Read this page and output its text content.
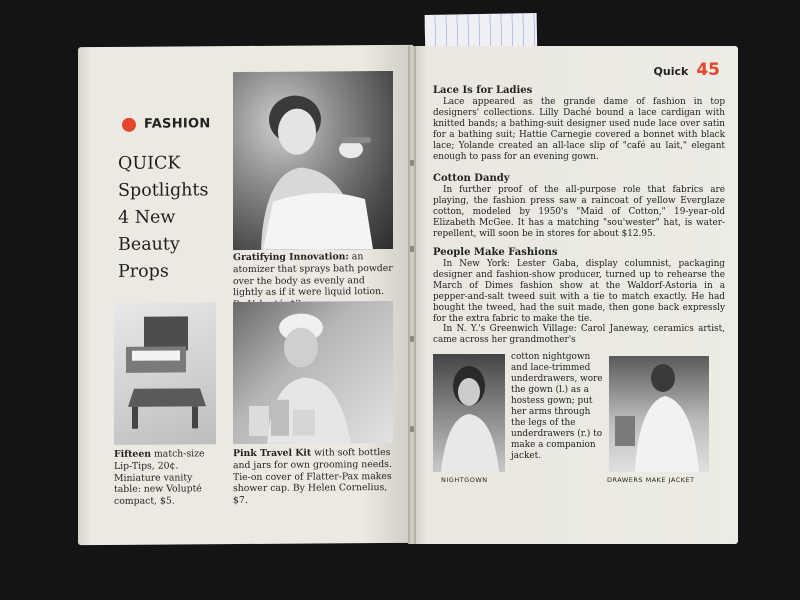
FASHION
QUICK
Spotlights
4 New
Beauty
Props
Gratifying Innovation: an atomizer that sprays bath powder over the body as evenly and lightly as if it were liquid lotion.
Fifteen match-size Lip-Tips, 20¢. Miniature vanity table: new Volupté compact, $5.
Pink Travel Kit with soft bottles and jars for own grooming needs. Tie-on cover of Flatter-Pax makes shower cap. By Helen Cornelius, $7.
Quick 45
Lace Is for Ladies
Lace appeared as the grande dame of fashion in top designers' collections. Lilly Daché bound a lace cardigan with knitted bands; a bathing-suit designer used nude lace over satin for a bathing suit; Hattie Carnegie covered a bonnet with black lace; Yolande created an all-lace slip of "café au lait," elegant enough to pass for an evening gown.
Cotton Dandy
In further proof of the all-purpose role that fabrics are playing, the fashion press saw a raincoat of yellow Everglaze cotton, modeled by 1950's "Maid of Cotton," 19-year-old Elizabeth McGee. It has a matching "sou'wester" hat, is water-repellent, will soon be in stores for about $12.95.
People Make Fashions
In New York: Lester Gaba, display columnist, packaging designer and fashion-show producer, turned up to rehearse the March of Dimes fashion show at the Waldorf-Astoria in a pepper-and-salt tweed suit with a tie to match exactly. He had bought the tweed, had the suit made, then gone back expressly for the extra fabric to make the tie.
In N. Y.'s Greenwich Village: Carol Janeway, ceramics artist, came across her grandmother's
cotton nightgown and lace-trimmed underdrawers, wore the gown (l.) as a hostess gown; put her arms through the legs of the underdrawers (r.) to make a companion jacket.
NIGHTGOWN	DRAWERS MAKE JACKET
